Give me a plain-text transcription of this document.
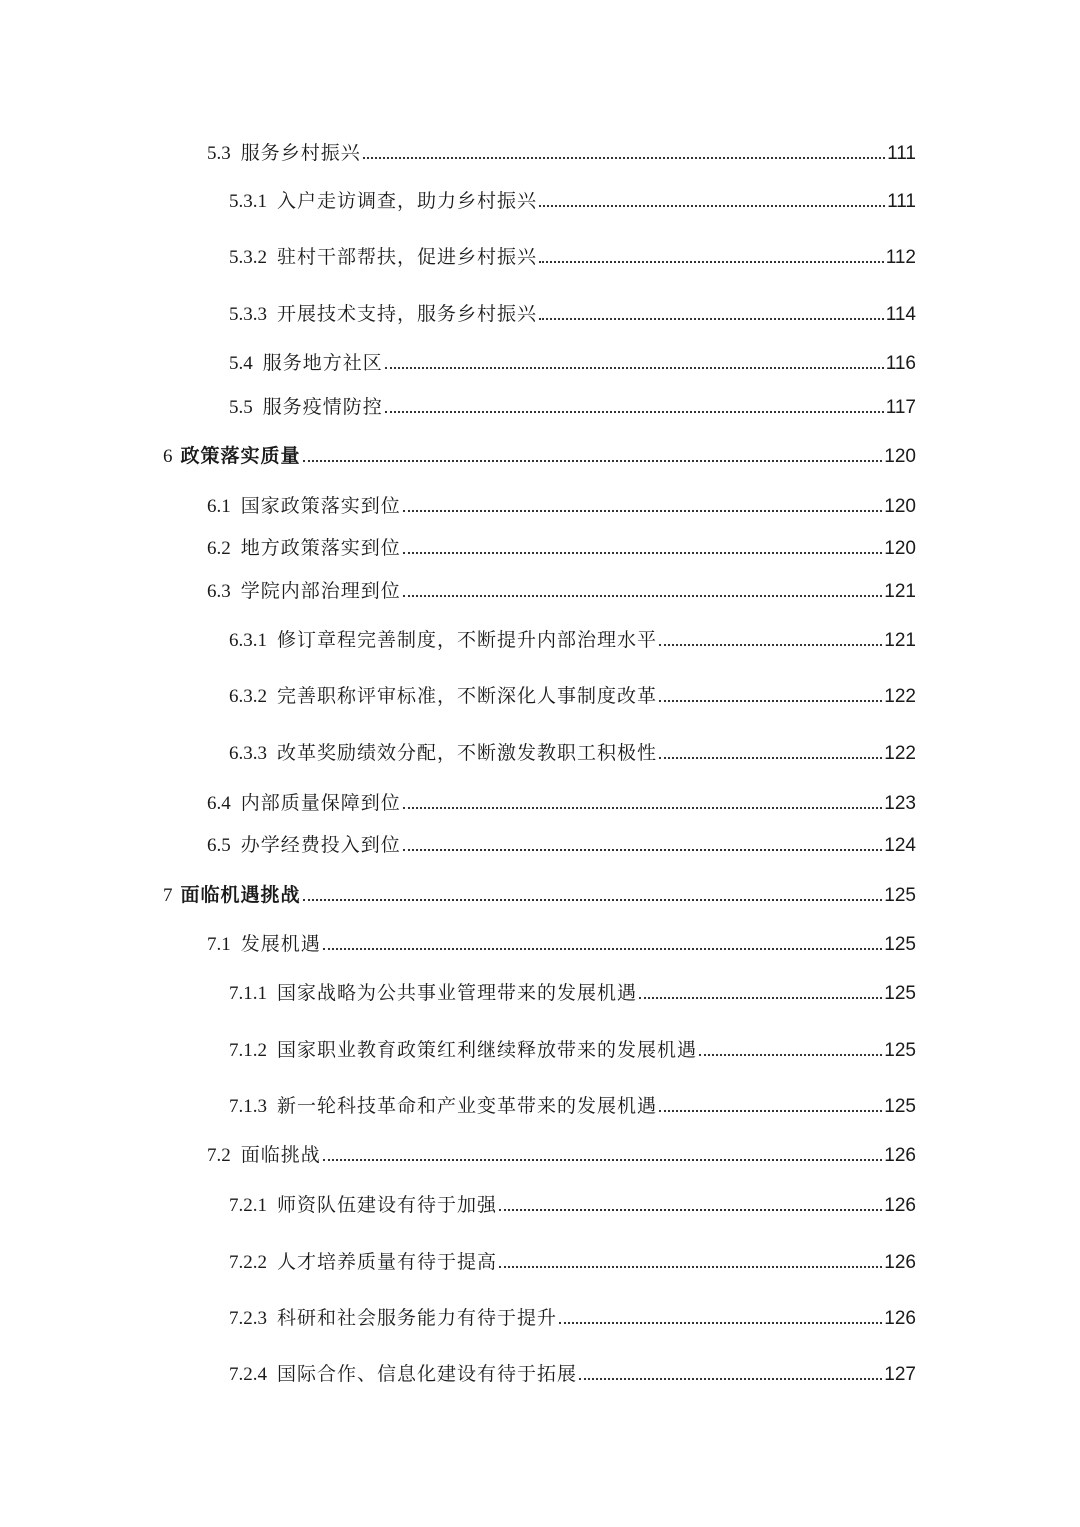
5.3 服务乡村振兴	111
5.3.1 入户走访调查，助力乡村振兴	111
5.3.2 驻村干部帮扶，促进乡村振兴	112
5.3.3 开展技术支持，服务乡村振兴	114
5.4 服务地方社区	116
5.5 服务疫情防控	117
6 政策落实质量	120
6.1 国家政策落实到位	120
6.2 地方政策落实到位	120
6.3 学院内部治理到位	121
6.3.1 修订章程完善制度，不断提升内部治理水平	121
6.3.2 完善职称评审标准，不断深化人事制度改革	122
6.3.3 改革奖励绩效分配，不断激发教职工积极性	122
6.4 内部质量保障到位	123
6.5 办学经费投入到位	124
7 面临机遇挑战	125
7.1 发展机遇	125
7.1.1 国家战略为公共事业管理带来的发展机遇	125
7.1.2 国家职业教育政策红利继续释放带来的发展机遇	125
7.1.3 新一轮科技革命和产业变革带来的发展机遇	125
7.2 面临挑战	126
7.2.1 师资队伍建设有待于加强	126
7.2.2 人才培养质量有待于提高	126
7.2.3 科研和社会服务能力有待于提升	126
7.2.4 国际合作、信息化建设有待于拓展	127
